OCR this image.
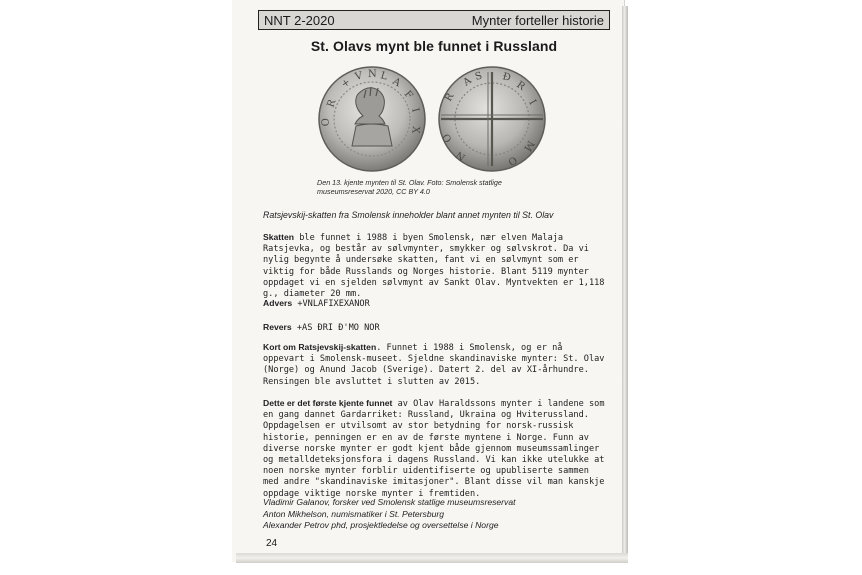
NNT 2-2020	Mynter forteller historie
St. Olavs mynt ble funnet i Russland
+ V N L A
F
I
X
R
O
A S Ð
R
I
M
O
N
O
R
Den 13. kjente mynten til St. Olav. Foto: Smolensk statlige museumsreservat 2020, CC BY 4.0

Ratsjevskij-skatten fra Smolensk inneholder blant annet mynten til St. Olav

Skatten ble funnet i 1988 i byen Smolensk, nær elven Malaja Ratsjevka, og består av sølvmynter, smykker og sølvskrot. Da vi nylig begynte å undersøke skatten, fant vi en sølvmynt som er viktig for både Russlands og Norges historie. Blant 5119 mynter oppdaget vi en sjelden sølvmynt av Sankt Olav. Myntvekten er 1,118 g., diameter 20 mm.

Advers +VNLAFIXEXANOR

Revers +AS ÐRI Ð'MO NOR

Kort om Ratsjevskij-skatten. Funnet i 1988 i Smolensk, og er nå oppevart i Smolensk-museet. Sjeldne skandinaviske mynter: St. Olav (Norge) og Anund Jacob (Sverige). Datert 2. del av XI-århundre. Rensingen ble avsluttet i slutten av 2015.

Dette er det første kjente funnet av Olav Haraldssons mynter i landene som en gang dannet Gardarriket: Russland, Ukraina og Hviterussland. Oppdagelsen er utvilsomt av stor betydning for norsk-russisk historie, penningen er en av de første myntene i Norge. Funn av diverse norske mynter er godt kjent både gjennom museumssamlinger og metalldeteksjonsfora i dagens Russland. Vi kan ikke utelukke at noen norske mynter forblir uidentifiserte og upubliserte sammen med andre "skandinaviske imitasjoner". Blant disse vil man kanskje oppdage viktige norske mynter i fremtiden.

Vladimir Galanov, forsker ved Smolensk statlige museumsreservat
Anton Mikhelson, numismatiker i St. Petersburg
Alexander Petrov phd, prosjektledelse og oversettelse i Norge
24
